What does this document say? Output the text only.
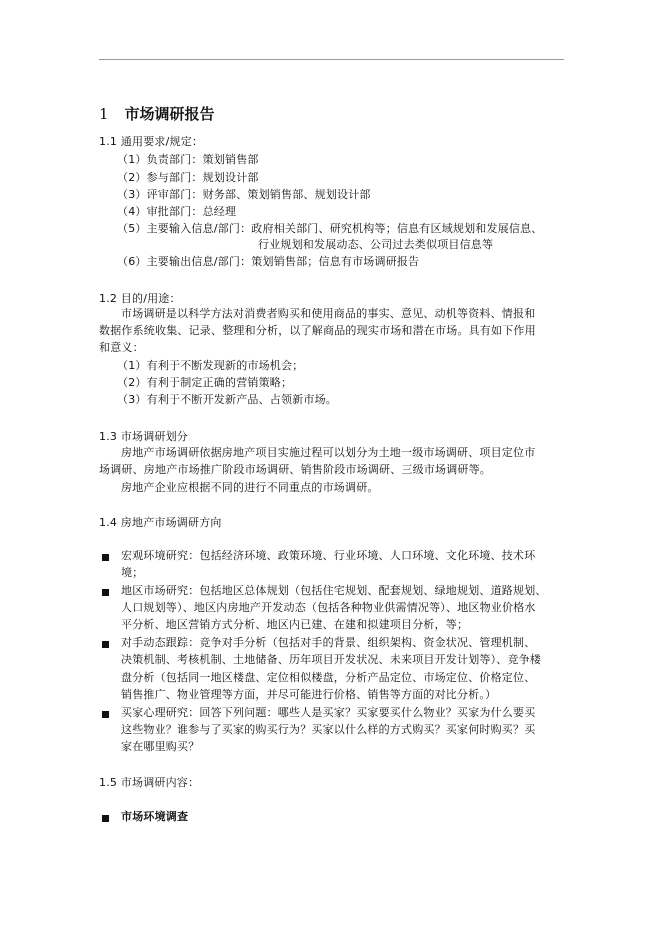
1 市场调研报告
1.1 通用要求/规定：
（1）负责部门：策划销售部
（2）参与部门：规划设计部
（3）评审部门：财务部、策划销售部、规划设计部
（4）审批部门：总经理
（5）主要输入信息/部门：政府相关部门、研究机构等；信息有区域规划和发展信息、
行业规划和发展动态、公司过去类似项目信息等
（6）主要输出信息/部门：策划销售部；信息有市场调研报告
1.2 目的/用途：
市场调研是以科学方法对消费者购买和使用商品的事实、意见、动机等资料、情报和
数据作系统收集、记录、整理和分析，以了解商品的现实市场和潜在市场。具有如下作用
和意义：
（1）有利于不断发现新的市场机会；
（2）有利于制定正确的营销策略；
（3）有利于不断开发新产品、占领新市场。
1.3 市场调研划分
房地产市场调研依据房地产项目实施过程可以划分为土地一级市场调研、项目定位市
场调研、房地产市场推广阶段市场调研、销售阶段市场调研、三级市场调研等。
房地产企业应根据不同的进行不同重点的市场调研。
1.4 房地产市场调研方向
宏观环境研究：包括经济环境、政策环境、行业环境、人口环境、文化环境、技术环
境；
地区市场研究：包括地区总体规划（包括住宅规划、配套规划、绿地规划、道路规划、
人口规划等）、地区内房地产开发动态（包括各种物业供需情况等）、地区物业价格水
平分析、地区营销方式分析、地区内已建、在建和拟建项目分析，等；
对手动态跟踪：竞争对手分析（包括对手的背景、组织架构、资金状况、管理机制、
决策机制、考核机制、土地储备、历年项目开发状况、未来项目开发计划等）、竞争楼
盘分析（包括同一地区楼盘、定位相似楼盘，分析产品定位、市场定位、价格定位、
销售推广、物业管理等方面，并尽可能进行价格、销售等方面的对比分析。）
买家心理研究：回答下列问题：哪些人是买家？买家要买什么物业？买家为什么要买
这些物业？谁参与了买家的购买行为？买家以什么样的方式购买？买家何时购买？买
家在哪里购买？
1.5 市场调研内容：
市场环境调查
